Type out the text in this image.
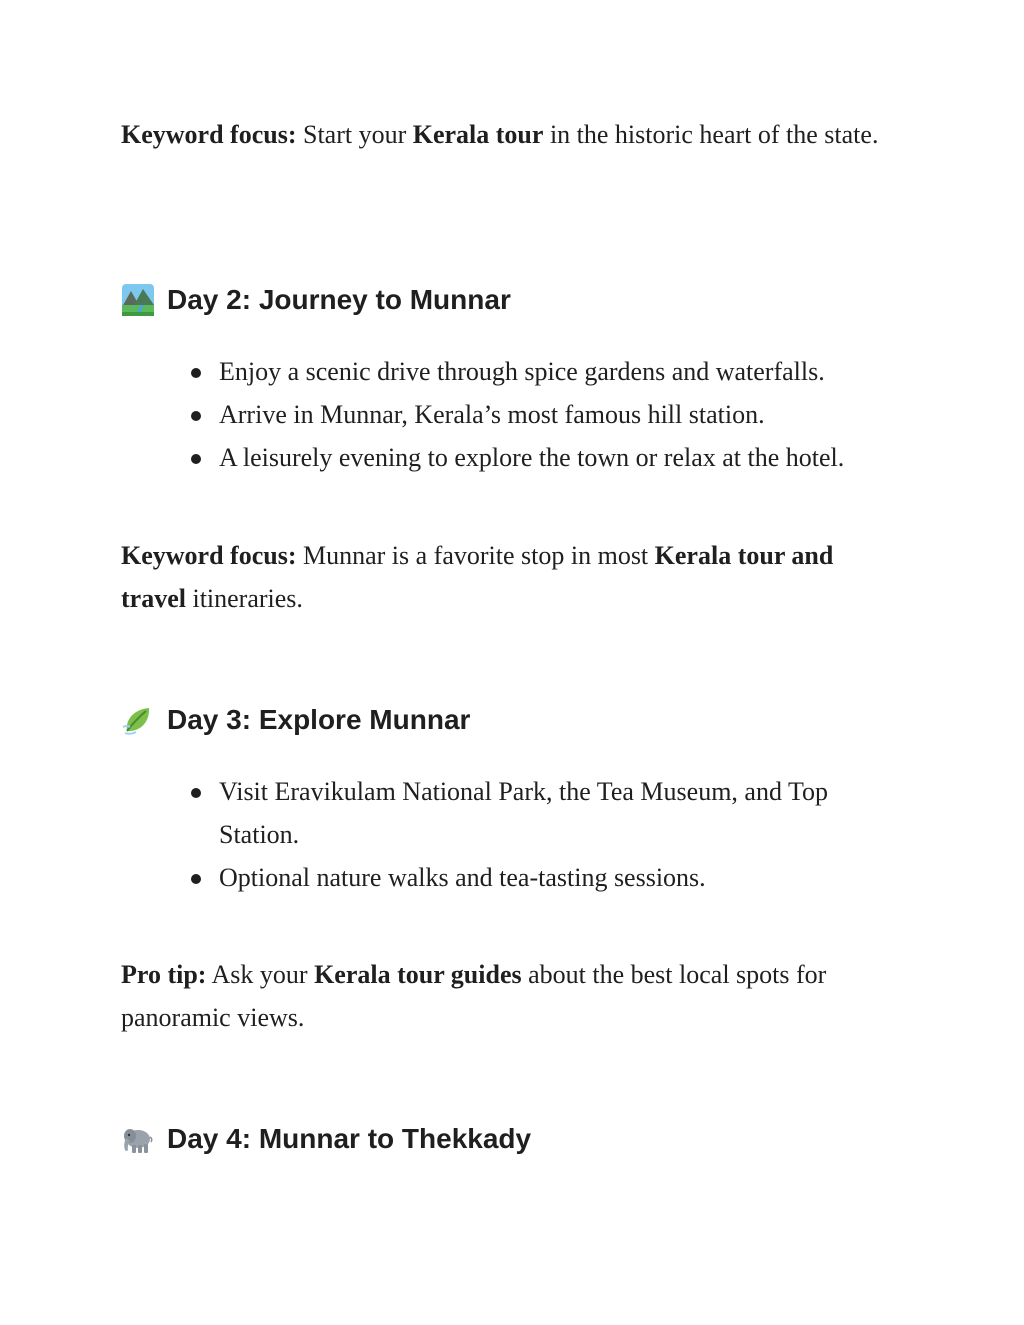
Keyword focus: Start your Kerala tour in the historic heart of the state.

Day 2: Journey to Munnar
Enjoy a scenic drive through spice gardens and waterfalls.
Arrive in Munnar, Kerala’s most famous hill station.
A leisurely evening to explore the town or relax at the hotel.

Keyword focus: Munnar is a favorite stop in most Kerala tour and travel itineraries.

Day 3: Explore Munnar
Visit Eravikulam National Park, the Tea Museum, and Top Station.
Optional nature walks and tea-tasting sessions.

Pro tip: Ask your Kerala tour guides about the best local spots for panoramic views.

Day 4: Munnar to Thekkady
